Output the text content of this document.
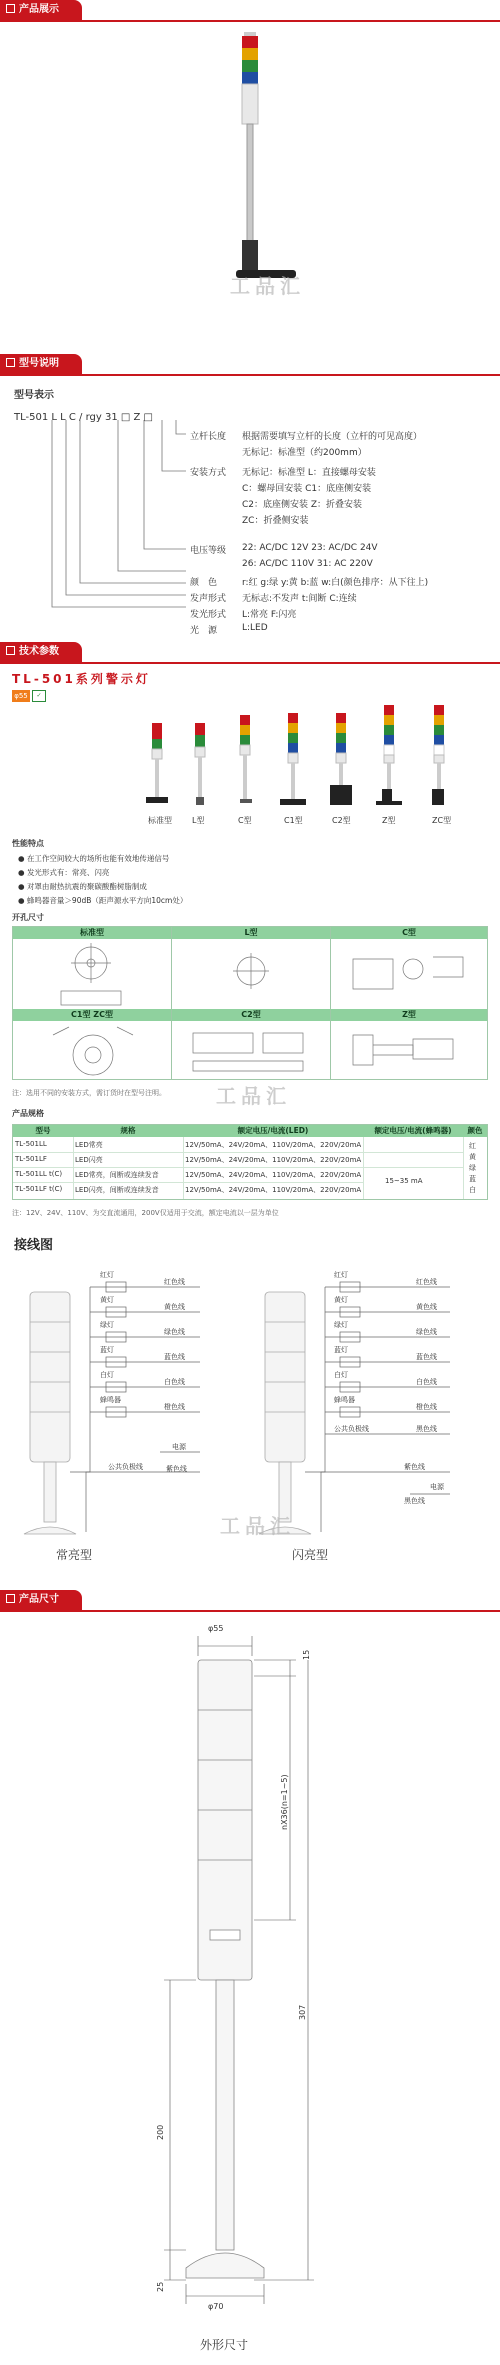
产品展示
工品汇
型号说明
型号表示
TL-501 L L C / rgy 31 □ Z □
立杆长度 根据需要填写立杆的长度（立杆的可见高度）
无标记：标准型（约200mm）
安装方式 无标记：标准型 L：直接螺母安装
C：螺母回安装 C1：底座侧安装
C2：底座侧安装 Z：折叠安装
ZC：折叠侧安装
电压等级 22: AC/DC 12V 23: AC/DC 24V
26: AC/DC 110V 31: AC 220V
颜　色	r:红 g:绿 y:黄 b:蓝 w:白(颜色排序：从下往上)
发声形式 无标志:不发声 t:间断 C:连续
发光形式 L:常亮 F:闪亮
光　源	L:LED
技术参数
TL-501系列警示灯
φ55	✓
标准型	L型	C型	C1型	C2型	Z型	ZC型
性能特点
● 在工作空间较大的场所也能有效地传递信号
● 发光形式有：常亮、闪亮
● 对罩由耐热抗震的聚碳酸酯树脂制成
● 蜂鸣器音量＞90dB（距声源水平方向10cm处）
开孔尺寸
标准型	L型	C型
C1型 ZC型	C2型	Z型
注：选用不同的安装方式，需订货时在型号注明。	工品汇
产品规格
型号	规格	额定电压/电流(LED)	额定电压/电流(蜂鸣器)	颜色
TL-501LL	LED常亮	12V/50mA、24V/20mA、110V/20mA、220V/20mA
TL-501LF	LED闪亮	12V/50mA、24V/20mA、110V/20mA、220V/20mA
TL-501LL t(C) LED常亮，间断或连续发音	12V/50mA、24V/20mA、110V/20mA、220V/20mA
TL-501LF t(C) LED闪亮，间断或连续发音	12V/50mA、24V/20mA、110V/20mA、220V/20mA
15~35 mA
红黄绿蓝白
注：12V、24V、110V、为交直流通用，200V仅适用于交流，额定电流以一层为单位
接线图
红灯
黄灯
绿灯
蓝灯
白灯
蜂鸣器
红色线
黄色线
绿色线
蓝色线
白色线
橙色线
公共负极线
电源
紫色线
红灯
黄灯
绿灯
蓝灯
白灯
蜂鸣器
公共负极线
红色线
黄色线
绿色线
蓝色线
白色线
橙色线
黑色线
紫色线
电源
黑色线
常亮型	闪亮型
工品汇
产品尺寸
φ55
φ70
15
nX36(n=1~5)
307
200
25
外形尺寸
